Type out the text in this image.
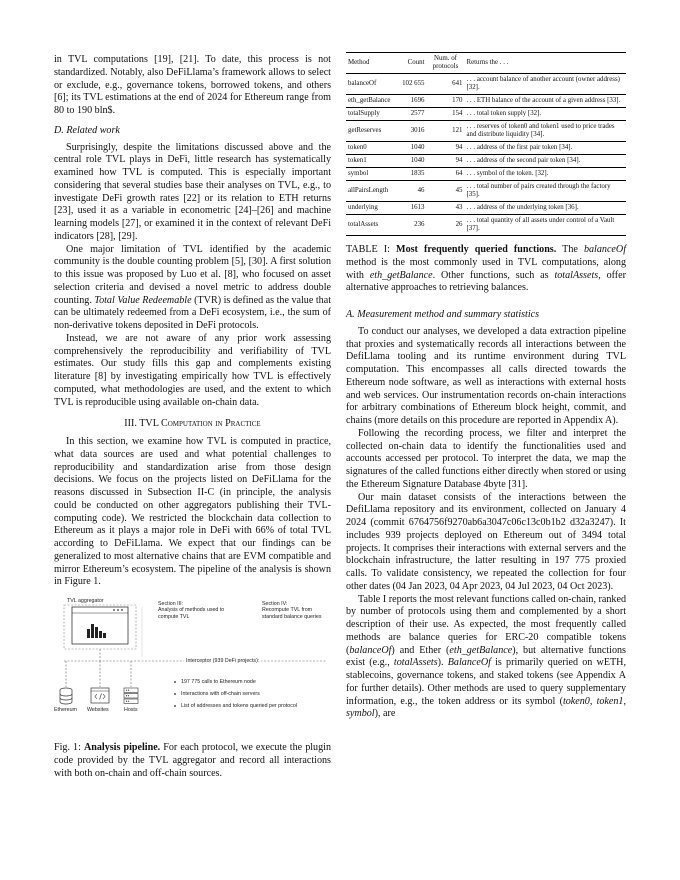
in TVL computations [19], [21]. To date, this process is not standardized. Notably, also DeFiLlama’s framework allows to select or exclude, e.g., governance tokens, borrowed tokens, and others [6]; its TVL estimations at the end of 2024 for Ethereum range from 80 to 190 bln$.

D. Related work

Surprisingly, despite the limitations discussed above and the central role TVL plays in DeFi, little research has systematically examined how TVL is computed. This is especially important considering that several studies base their analyses on TVL, e.g., to investigate DeFi growth rates [22] or its relation to ETH returns [23], used it as a variable in econometric [24]–[26] and machine learning models [27], or examined it in the context of relevant DeFi indicators [28], [29].

One major limitation of TVL identified by the academic community is the double counting problem [5], [30]. A first solution to this issue was proposed by Luo et al. [8], who focused on asset selection criteria and devised a novel metric to address double counting. Total Value Redeemable (TVR) is defined as the value that can be ultimately redeemed from a DeFi ecosystem, i.e., the sum of non-derivative tokens deposited in DeFi protocols.

Instead, we are not aware of any prior work assessing comprehensively the reproducibility and verifiability of TVL estimates. Our study fills this gap and complements existing literature [8] by investigating empirically how TVL is effectively computed, what methodologies are used, and the extent to which TVL is reproducible using available on-chain data.

III. TVL Computation in Practice

In this section, we examine how TVL is computed in practice, what data sources are used and what potential challenges to reproducibility and standardization arise from those design decisions. We focus on the projects listed on DeFiLlama for the reasons discussed in Subsection II-C (in principle, the analysis could be conducted on other aggregators publishing their TVL-computing code). We restricted the blockchain data collection to Ethereum as it plays a major role in DeFi with 66% of total TVL according to DeFiLlama. We expect that our findings can be generalized to most alternative chains that are EVM compatible and mirror Ethereum’s ecosystem. The pipeline of the analysis is shown in Figure 1.

TVL aggregator	Section III:
Analysis of methods used to compute TVL
Section IV:
Recompute TVL from standard balance queries
Interceptor (939 DeFi projects):
197 775 calls to Ethereum node
Interactions with off-chain servers
List of addresses and tokens queried per protocol
Ethereum Websites	Hosts

Fig. 1: Analysis pipeline. For each protocol, we execute the plugin code provided by the TVL aggregator and record all interactions with both on-chain and off-chain sources.

Method	Count	Num. of protocols	Returns the . . .
balanceOf	102 655	641	. . . account balance of another account (owner address) [32].
eth_getBalance	1696	170	. . . ETH balance of the account of a given address [33].
totalSupply	2577	154	. . . total token supply [32].
getReserves	3016	121	. . . reserves of token0 and token1 used to price trades and distribute liquidity [34].
token0	1040	94	. . . address of the first pair token [34].
token1	1040	94	. . . address of the second pair token [34].
symbol	1835	64	. . . symbol of the token. [32].
allPairsLength	46	45	. . . total number of pairs created through the factory [35].
underlying	1613	43	. . . address of the underlying token [36].
totalAssets	236	26	. . . total quantity of all assets under control of a Vault [37].

TABLE I: Most frequently queried functions. The balanceOf method is the most commonly used in TVL computations, along with eth_getBalance. Other functions, such as totalAssets, offer alternative approaches to retrieving balances.

A. Measurement method and summary statistics

To conduct our analyses, we developed a data extraction pipeline that proxies and systematically records all interactions between the DefiLlama tooling and its runtime environment during TVL computation. This encompasses all calls directed towards the Ethereum node software, as well as interactions with external hosts and web services. Our instrumentation records on-chain interactions for arbitrary combinations of Ethereum block height, commit, and chains (more details on this procedure are reported in Appendix A).

Following the recording process, we filter and interpret the collected on-chain data to identify the functionalities used and accounts accessed per protocol. To interpret the data, we map the signatures of the called functions either directly when stored or using the Ethereum Signature Database 4byte [31].

Our main dataset consists of the interactions between the DefiLlama repository and its environment, collected on January 4 2024 (commit 6764756f9270ab6a3047c06c13c0b1b2 d32a3247). It includes 939 projects deployed on Ethereum out of 3494 total projects. It comprises their interactions with external servers and the blockchain infrastructure, the latter resulting in 197 775 proxied calls. To validate consistency, we repeated the collection for four other dates (04 Jan 2023, 04 Apr 2023, 04 Jul 2023, 04 Oct 2023).

Table I reports the most relevant functions called on-chain, ranked by number of protocols using them and complemented by a short description of their use. As expected, the most frequently called methods are balance queries for ERC-20 compatible tokens (balanceOf) and Ether (eth_getBalance), but alternative functions exist (e.g., totalAssets). BalanceOf is primarily queried on wETH, stablecoins, governance tokens, and staked tokens (see Appendix A for further details). Other methods are used to query supplementary information, e.g., the token address or its symbol (token0, token1, symbol), are
